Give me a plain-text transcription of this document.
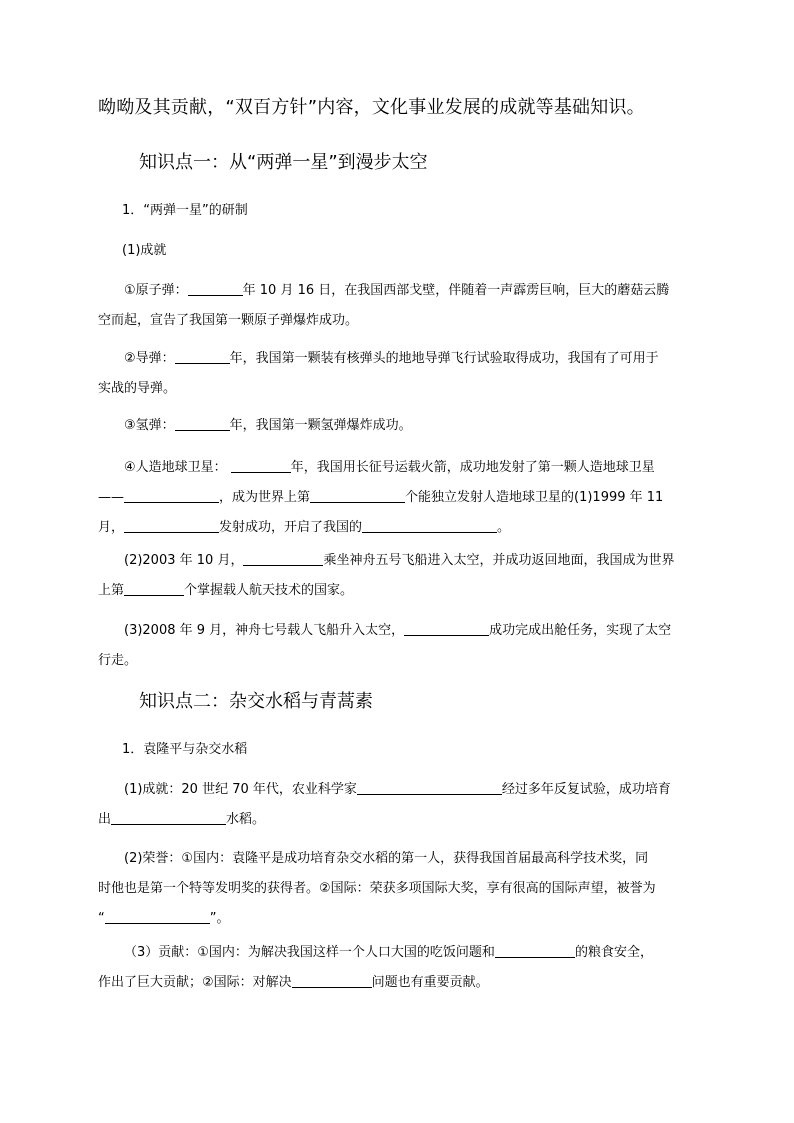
呦呦及其贡献，“双百方针”内容，文化事业发展的成就等基础知识。
知识点一：从“两弹一星”到漫步太空
1．“两弹一星”的研制
(1)成就
①原子弹：	年 10 月 16 日，在我国西部戈壁，伴随着一声霹雳巨响，巨大的蘑菇云腾
空而起，宣告了我国第一颗原子弹爆炸成功。
②导弹：	年，我国第一颗装有核弹头的地地导弹飞行试验取得成功，我国有了可用于
实战的导弹。
③氢弹：	年，我国第一颗氢弹爆炸成功。
④人造地球卫星：	年，我国用长征号运载火箭，成功地发射了第一颗人造地球卫星
——	，成为世界上第	个能独立发射人造地球卫星的(1)1999 年 11
月，	发射成功，开启了我国的	。
(2)2003 年 10 月，	乘坐神舟五号飞船进入太空，并成功返回地面，我国成为世界
上第	个掌握载人航天技术的国家。
(3)2008 年 9 月，神舟七号载人飞船升入太空，	成功完成出舱任务，实现了太空
行走。
知识点二：杂交水稻与青蒿素
1．袁隆平与杂交水稻
(1)成就：20 世纪 70 年代，农业科学家	经过多年反复试验，成功培育
出	水稻。
(2)荣誉：①国内：袁隆平是成功培育杂交水稻的第一人，获得我国首届最高科学技术奖，同
时他也是第一个特等发明奖的获得者。②国际：荣获多项国际大奖，享有很高的国际声望，被誉为
“	”。
（3）贡献：①国内：为解决我国这样一个人口大国的吃饭问题和	的粮食安全，
作出了巨大贡献；②国际：对解决	问题也有重要贡献。
